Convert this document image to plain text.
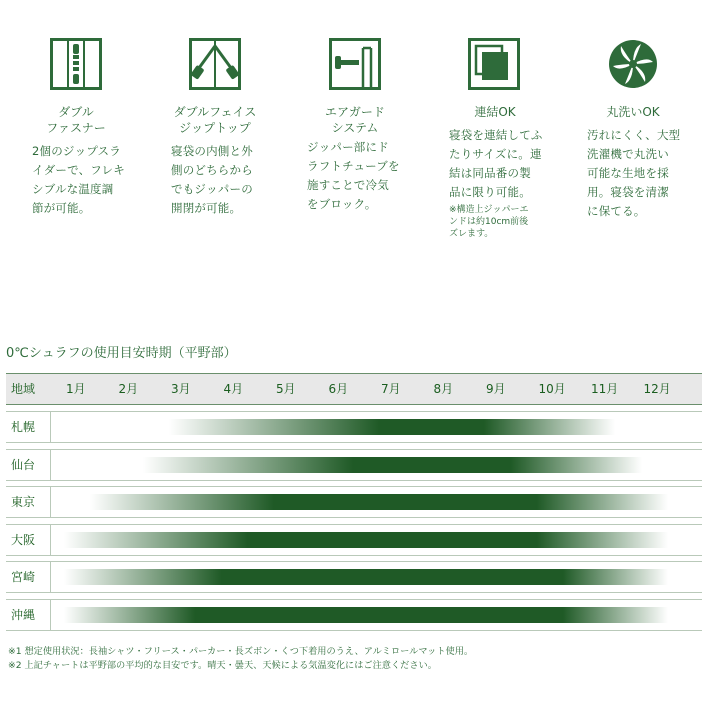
ダブル
ファスナー
2個のジップスラ
イダーで、フレキ
シブルな温度調
節が可能。
ダブルフェイス
ジップトップ
寝袋の内側と外
側のどちらから
でもジッパーの
開閉が可能。
エアガード
システム
ジッパー部にド
ラフトチューブを
施すことで冷気
をブロック。
連結OK
寝袋を連結してふ
たりサイズに。連
結は同品番の製
品に限り可能。
※構造上ジッパーエ
ンドは約10cm前後
ズレます。
丸洗いOK
汚れにくく、大型
洗濯機で丸洗い
可能な生地を採
用。寝袋を清潔
に保てる。
0℃シュラフの使用目安時期（平野部）
地域	1月	2月	3月	4月	5月	6月	7月	8月	9月	10月 11月 12月
札幌
仙台
東京
大阪
宮崎
沖縄
※1 想定使用状況：長袖シャツ・フリース・パーカー・長ズボン・くつ下着用のうえ、アルミロールマット使用。
※2 上記チャートは平野部の平均的な目安です。晴天・曇天、天候による気温変化にはご注意ください。
